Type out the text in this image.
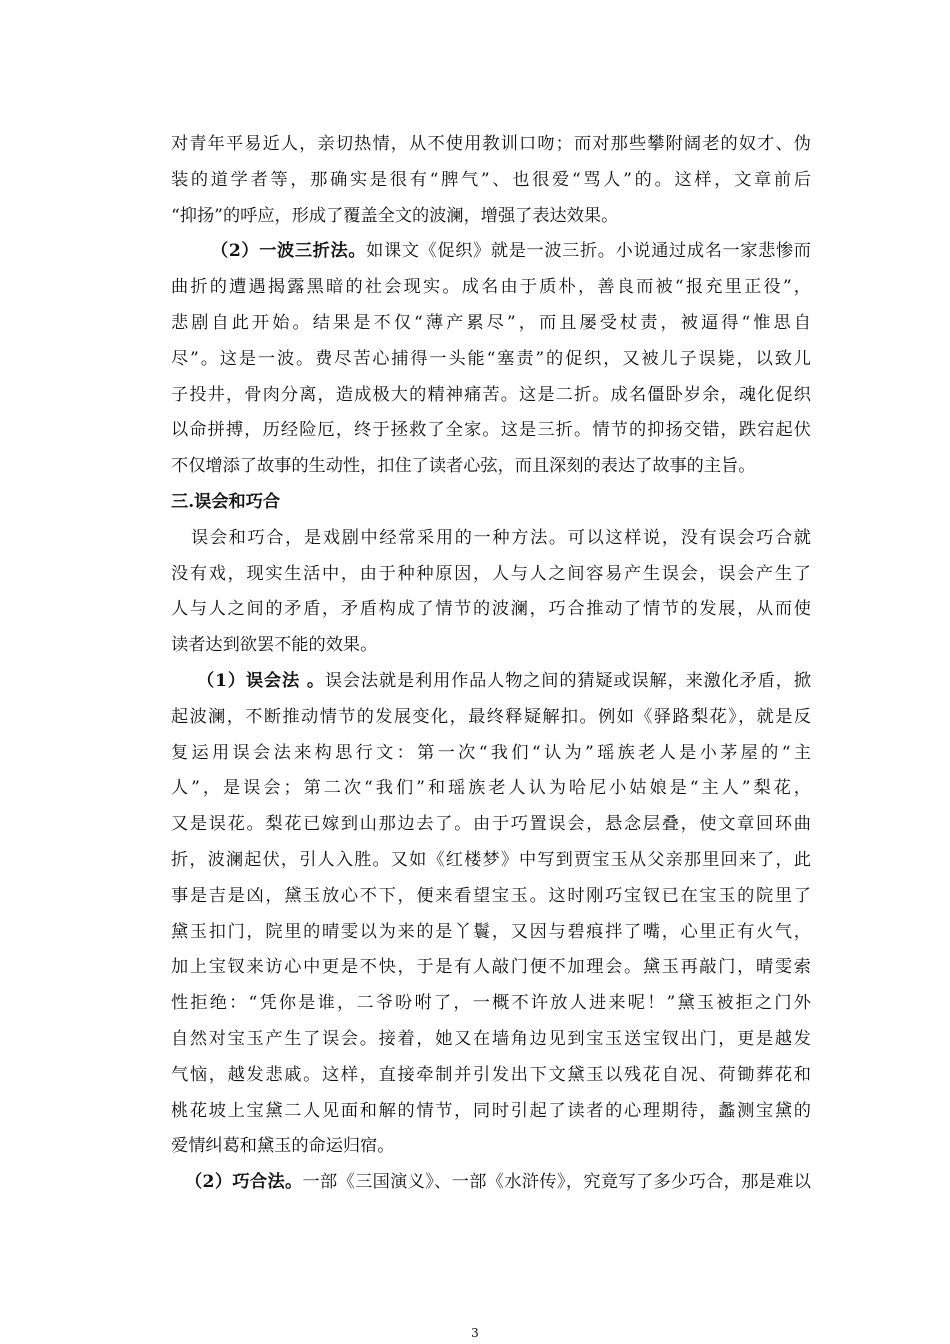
对青年平易近人，亲切热情，从不使用教训口吻；而对那些攀附阔老的奴才、伪
装的道学者等，那确实是很有“脾气”、也很爱“骂人”的。这样，文章前后
“抑扬”的呼应，形成了覆盖全文的波澜，增强了表达效果。
（2）一波三折法。如课文《促织》就是一波三折。小说通过成名一家悲惨而
曲折的遭遇揭露黑暗的社会现实。成名由于质朴，善良而被“报充里正役”，
悲剧自此开始。结果是不仅“薄产累尽”，而且屡受杖责，被逼得“惟思自
尽”。这是一波。费尽苦心捕得一头能“塞责”的促织，又被儿子误毙，以致儿
子投井，骨肉分离，造成极大的精神痛苦。这是二折。成名僵卧岁余，魂化促织
以命拼搏，历经险厄，终于拯救了全家。这是三折。情节的抑扬交错，跌宕起伏
不仅增添了故事的生动性，扣住了读者心弦，而且深刻的表达了故事的主旨。
三.误会和巧合
误会和巧合，是戏剧中经常采用的一种方法。可以这样说，没有误会巧合就
没有戏，现实生活中，由于种种原因，人与人之间容易产生误会，误会产生了
人与人之间的矛盾，矛盾构成了情节的波澜，巧合推动了情节的发展，从而使
读者达到欲罢不能的效果。
（1）误会法 。误会法就是利用作品人物之间的猜疑或误解，来激化矛盾，掀
起波澜，不断推动情节的发展变化，最终释疑解扣。例如《驿路梨花》，就是反
复运用误会法来构思行文：第一次“我们“认为”瑶族老人是小茅屋的“主
人”，是误会；第二次“我们”和瑶族老人认为哈尼小姑娘是“主人”梨花，
又是误花。梨花已嫁到山那边去了。由于巧置误会，悬念层叠，使文章回环曲
折，波澜起伏，引人入胜。又如《红楼梦》中写到贾宝玉从父亲那里回来了，此
事是吉是凶，黛玉放心不下，便来看望宝玉。这时刚巧宝钗已在宝玉的院里了
黛玉扣门，院里的晴雯以为来的是丫鬟，又因与碧痕拌了嘴，心里正有火气，
加上宝钗来访心中更是不快，于是有人敲门便不加理会。黛玉再敲门，晴雯索
性拒绝：“凭你是谁，二爷吩咐了，一概不许放人进来呢！”黛玉被拒之门外
自然对宝玉产生了误会。接着，她又在墙角边见到宝玉送宝钗出门，更是越发
气恼，越发悲戚。这样，直接牵制并引发出下文黛玉以残花自况、荷锄葬花和
桃花坡上宝黛二人见面和解的情节，同时引起了读者的心理期待，蠡测宝黛的
爱情纠葛和黛玉的命运归宿。
（2）巧合法。一部《三国演义》、一部《水浒传》，究竟写了多少巧合，那是难以
3
